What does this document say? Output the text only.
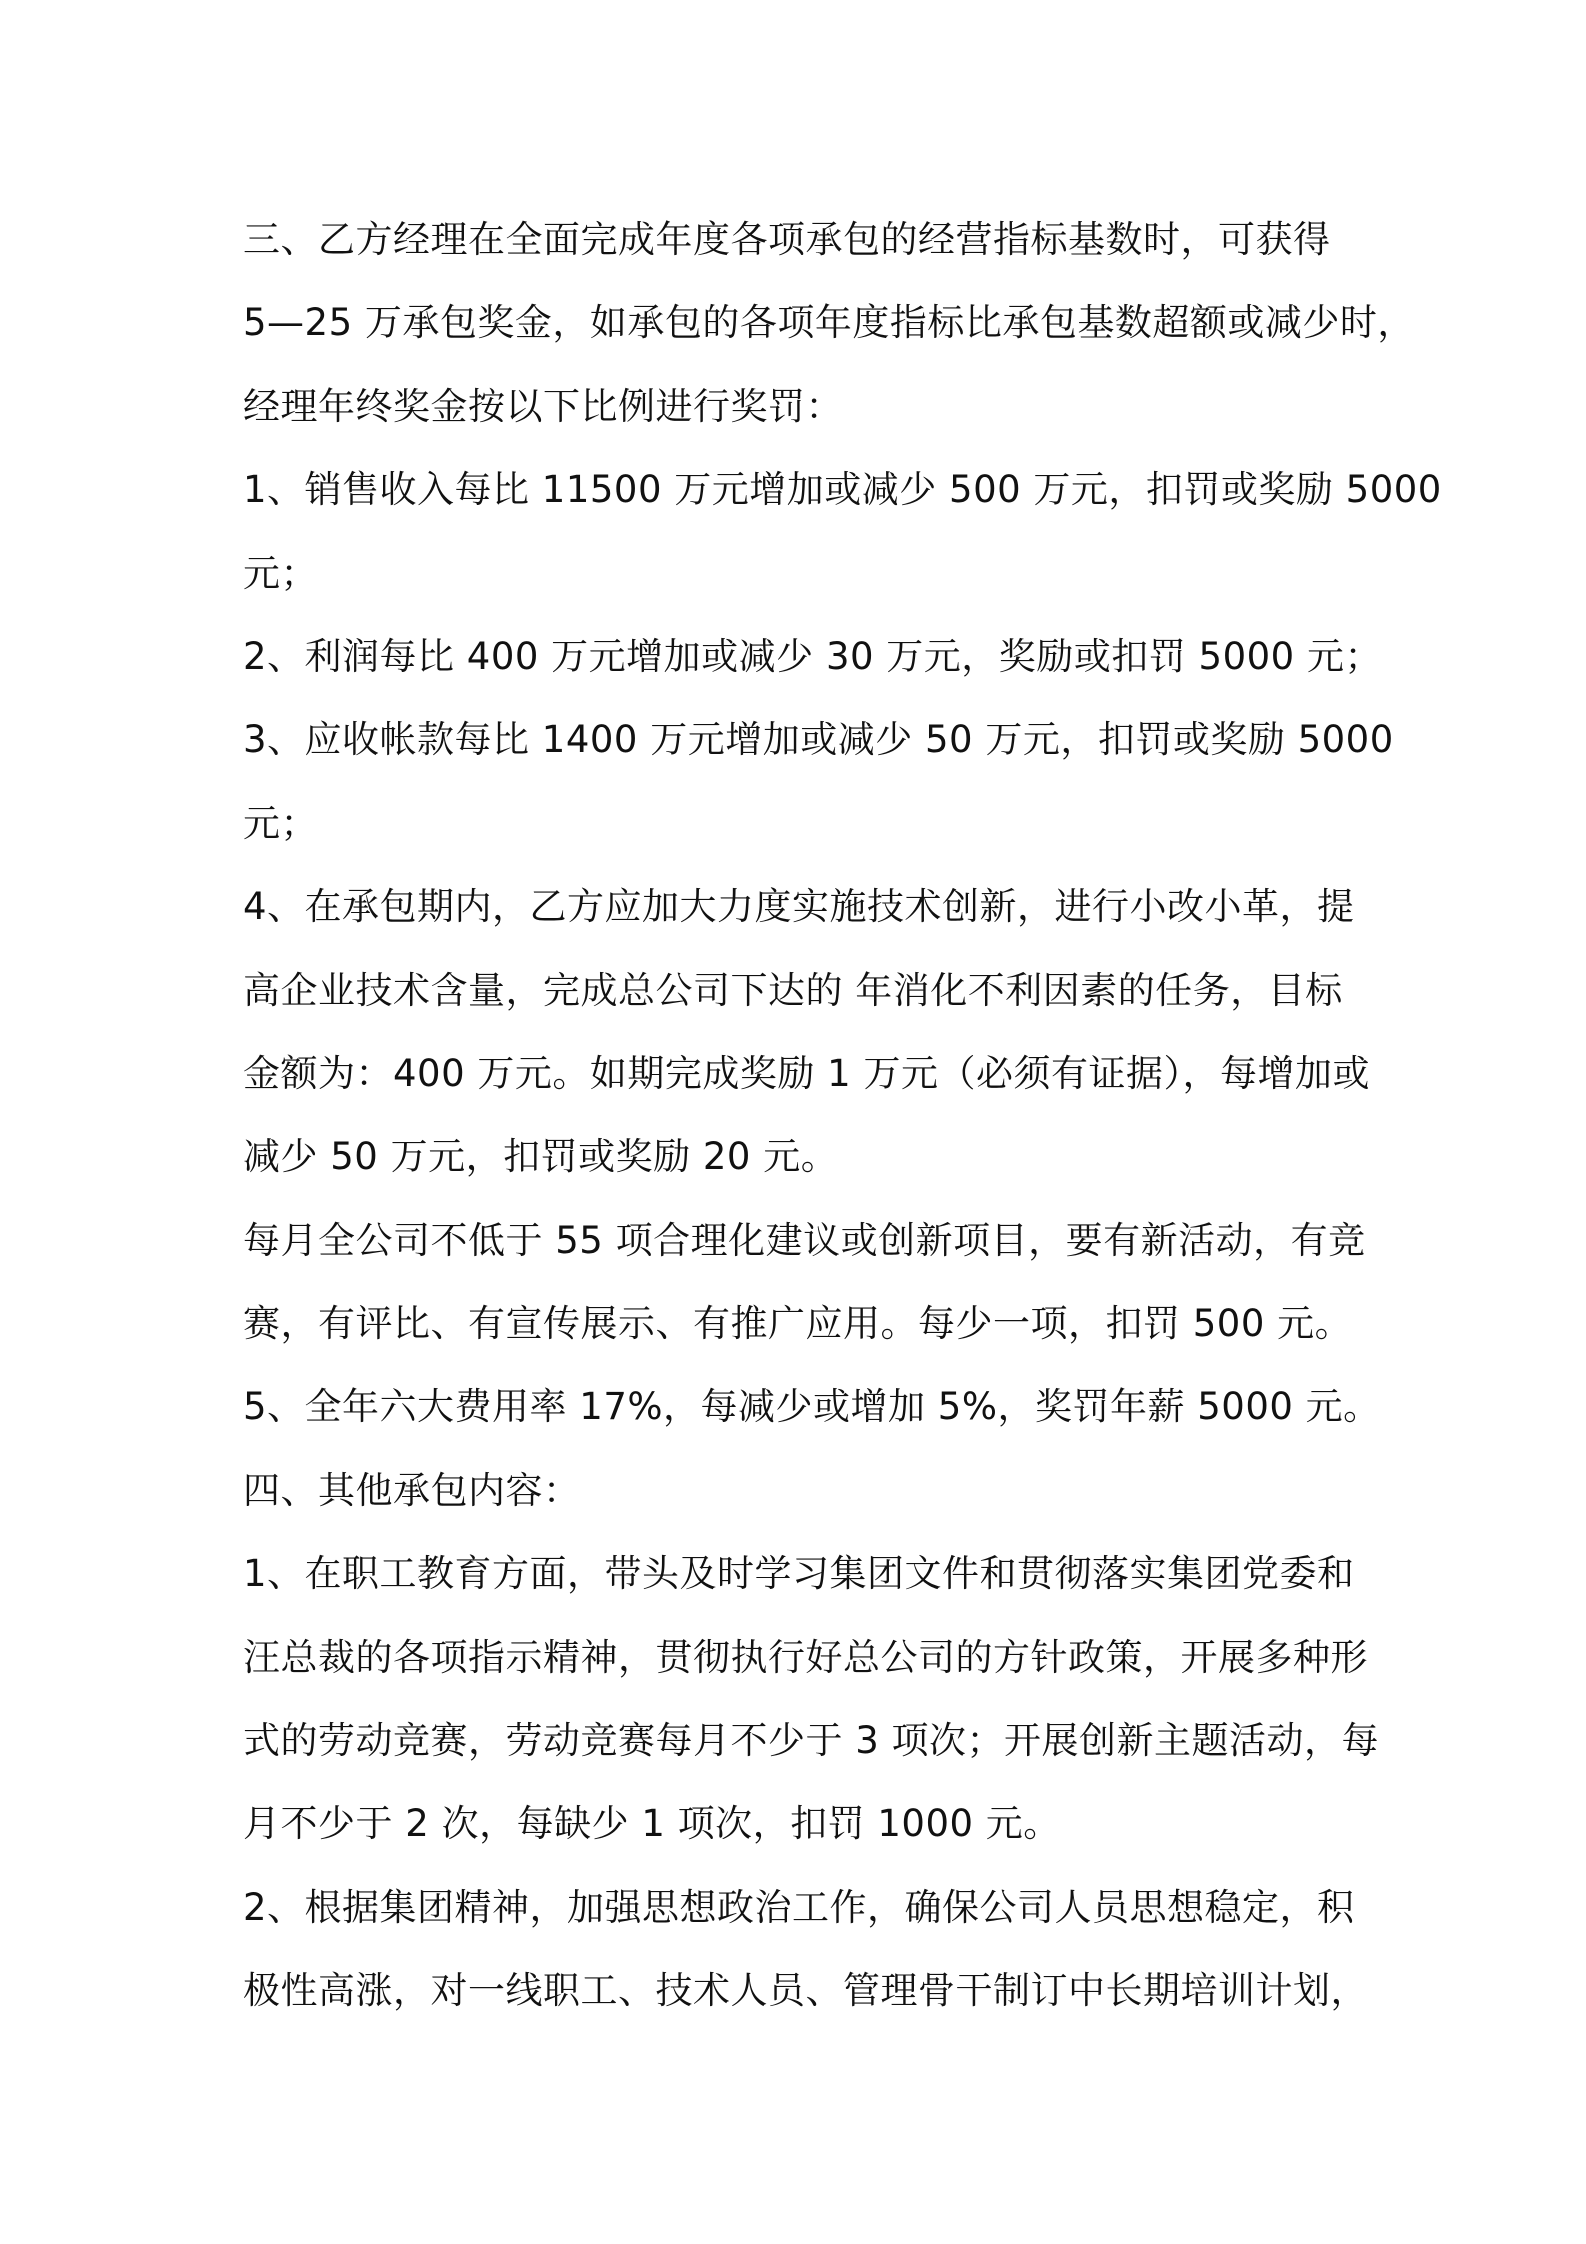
三、乙方经理在全面完成年度各项承包的经营指标基数时，可获得
5—25 万承包奖金，如承包的各项年度指标比承包基数超额或减少时，
经理年终奖金按以下比例进行奖罚：
1、销售收入每比 11500 万元增加或减少 500 万元，扣罚或奖励 5000
元；
2、利润每比 400 万元增加或减少 30 万元，奖励或扣罚 5000 元；
3、应收帐款每比 1400 万元增加或减少 50 万元，扣罚或奖励 5000
元；
4、在承包期内，乙方应加大力度实施技术创新，进行小改小革，提
高企业技术含量，完成总公司下达的 年消化不利因素的任务，目标
金额为：400 万元。如期完成奖励 1 万元（必须有证据），每增加或
减少 50 万元，扣罚或奖励 20 元。
每月全公司不低于 55 项合理化建议或创新项目，要有新活动，有竞
赛，有评比、有宣传展示、有推广应用。每少一项，扣罚 500 元。
5、全年六大费用率 17%，每减少或增加 5%，奖罚年薪 5000 元。
四、其他承包内容：
1、在职工教育方面，带头及时学习集团文件和贯彻落实集团党委和
汪总裁的各项指示精神，贯彻执行好总公司的方针政策，开展多种形
式的劳动竞赛，劳动竞赛每月不少于 3 项次；开展创新主题活动，每
月不少于 2 次，每缺少 1 项次，扣罚 1000 元。
2、根据集团精神，加强思想政治工作，确保公司人员思想稳定，积
极性高涨，对一线职工、技术人员、管理骨干制订中长期培训计划，
